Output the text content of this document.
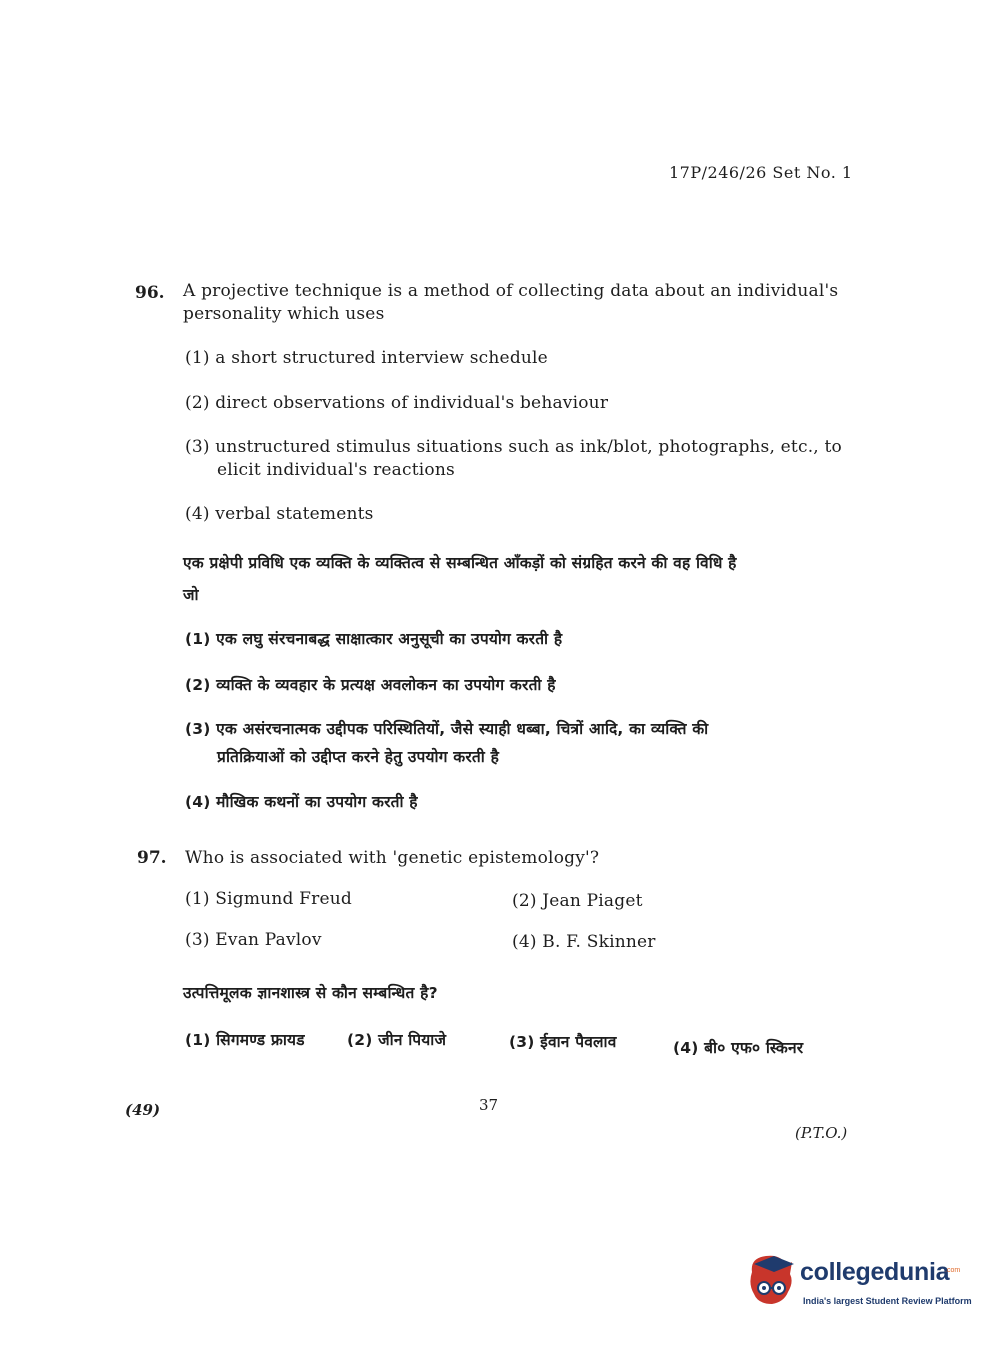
17P/246/26 Set No. 1
96. A projective technique is a method of collecting data about an individual's
personality which uses
(1) a short structured interview schedule
(2) direct observations of individual's behaviour
(3) unstructured stimulus situations such as ink/blot, photographs, etc., to
elicit individual's reactions
(4) verbal statements
एक प्रक्षेपी प्रविधि एक व्यक्ति के व्यक्तित्व से सम्बन्धित आँकड़ों को संग्रहित करने की वह विधि है
जो
(1) एक लघु संरचनाबद्ध साक्षात्कार अनुसूची का उपयोग करती है
(2) व्यक्ति के व्यवहार के प्रत्यक्ष अवलोकन का उपयोग करती है
(3) एक असंरचनात्मक उद्दीपक परिस्थितियों, जैसे स्याही धब्बा, चित्रों आदि, का व्यक्ति की
प्रतिक्रियाओं को उद्दीप्त करने हेतु उपयोग करती है
(4) मौखिक कथनों का उपयोग करती है
97. Who is associated with 'genetic epistemology'?
(1) Sigmund Freud	(2) Jean Piaget
(3) Evan Pavlov	(4) B. F. Skinner
उत्पत्तिमूलक ज्ञानशास्त्र से कौन सम्बन्धित है?
(1) सिगमण्ड फ्रायड	(2) जीन पियाजे	(3) ईवान पैवलाव	(4) बी० एफ० स्किनर
(49)	37
(P.T.O.)
collegedunia
.com
India's largest Student Review Platform
